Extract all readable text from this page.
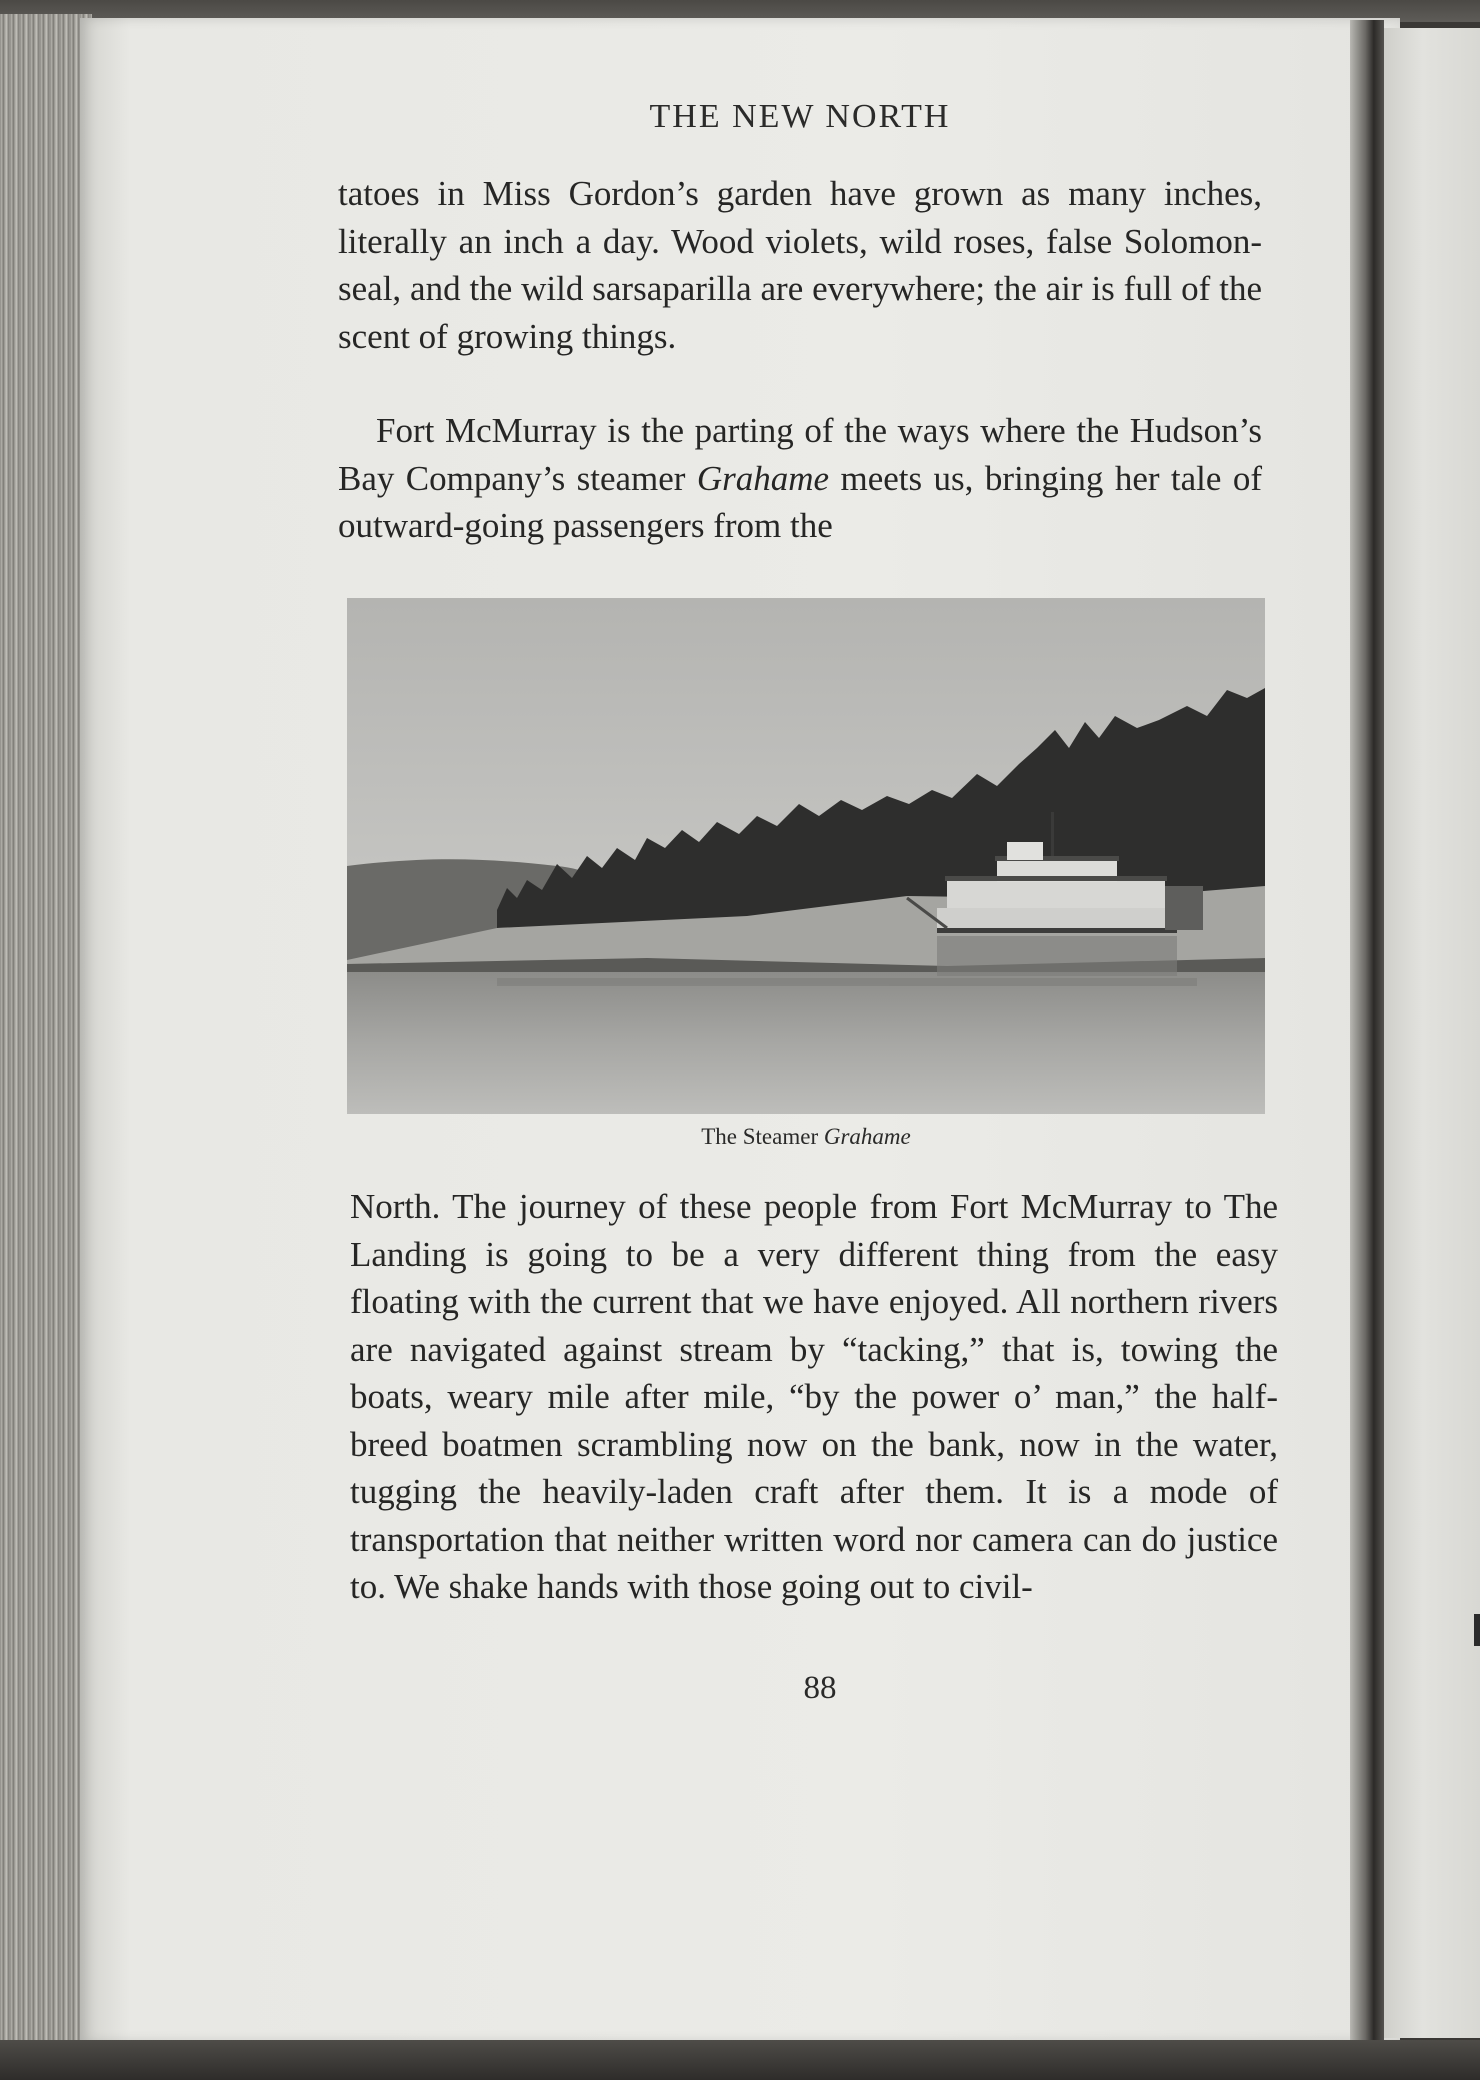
THE NEW NORTH

tatoes in Miss Gordon’s garden have grown as many inches, literally an inch a day. Wood violets, wild roses, false Solomon-seal, and the wild sarsaparilla are everywhere; the air is full of the scent of growing things.

Fort McMurray is the parting of the ways where the Hudson’s Bay Company’s steamer Grahame meets us, bringing her tale of outward-going passengers from the

The Steamer Grahame

North. The journey of these people from Fort McMurray to The Landing is going to be a very different thing from the easy floating with the current that we have enjoyed. All northern rivers are navigated against stream by “tacking,” that is, towing the boats, weary mile after mile, “by the power o’ man,” the half-breed boatmen scrambling now on the bank, now in the water, tugging the heavily-laden craft after them. It is a mode of transportation that neither written word nor camera can do justice to. We shake hands with those going out to civil-

88
